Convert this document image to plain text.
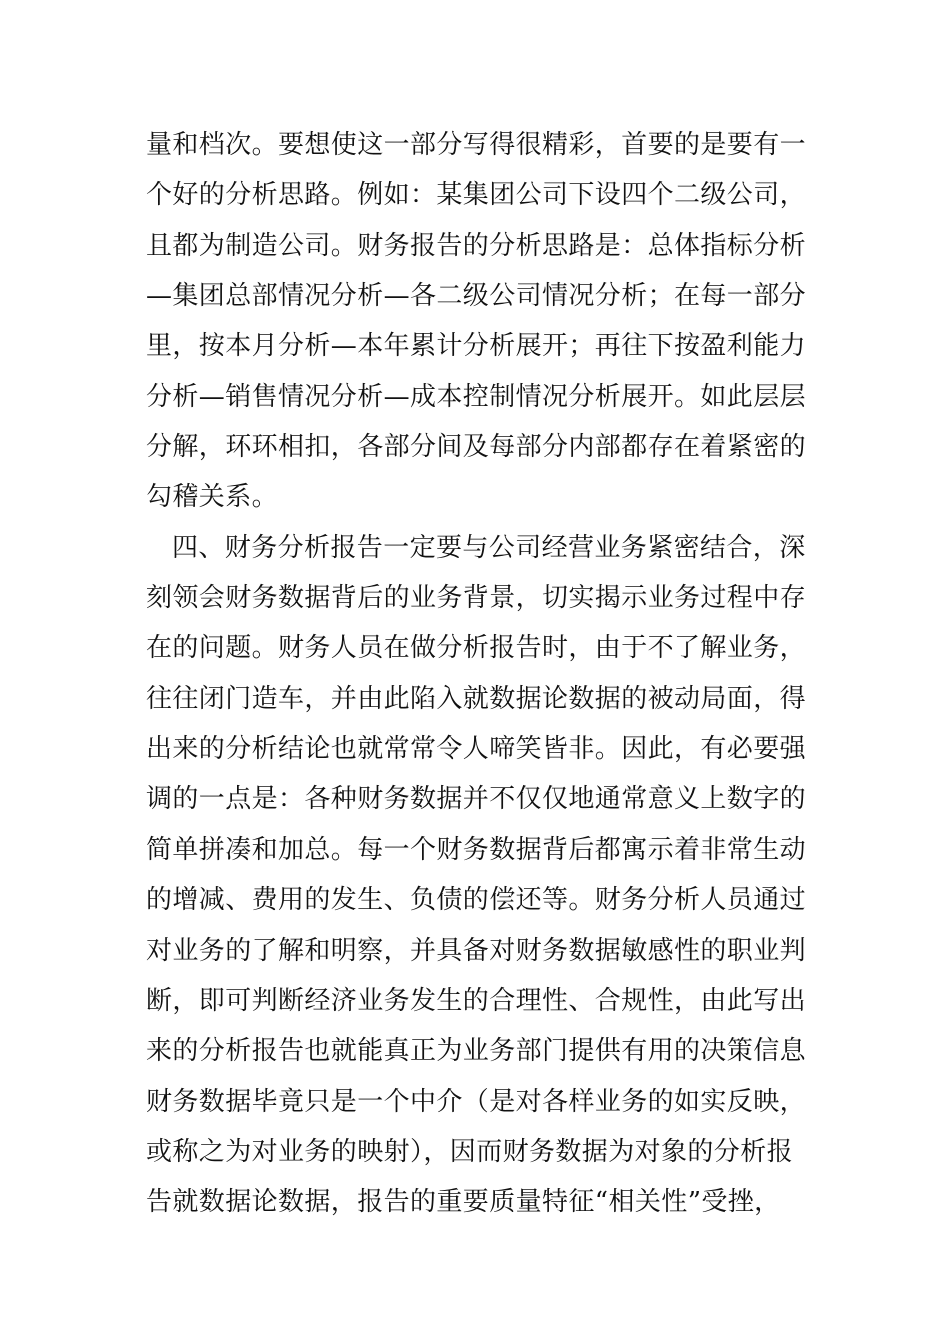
量和档次。要想使这一部分写得很精彩，首要的是要有一
个好的分析思路。例如：某集团公司下设四个二级公司，
且都为制造公司。财务报告的分析思路是：总体指标分析
—集团总部情况分析—各二级公司情况分析；在每一部分
里，按本月分析—本年累计分析展开；再往下按盈利能力
分析—销售情况分析—成本控制情况分析展开。如此层层
分解，环环相扣，各部分间及每部分内部都存在着紧密的
勾稽关系。
四、财务分析报告一定要与公司经营业务紧密结合，深
刻领会财务数据背后的业务背景，切实揭示业务过程中存
在的问题。财务人员在做分析报告时，由于不了解业务，
往往闭门造车，并由此陷入就数据论数据的被动局面，得
出来的分析结论也就常常令人啼笑皆非。因此，有必要强
调的一点是：各种财务数据并不仅仅地通常意义上数字的
简单拼凑和加总。每一个财务数据背后都寓示着非常生动
的增减、费用的发生、负债的偿还等。财务分析人员通过
对业务的了解和明察，并具备对财务数据敏感性的职业判
断，即可判断经济业务发生的合理性、合规性，由此写出
来的分析报告也就能真正为业务部门提供有用的决策信息
财务数据毕竟只是一个中介（是对各样业务的如实反映，
或称之为对业务的映射），因而财务数据为对象的分析报
告就数据论数据，报告的重要质量特征“相关性”受挫，
